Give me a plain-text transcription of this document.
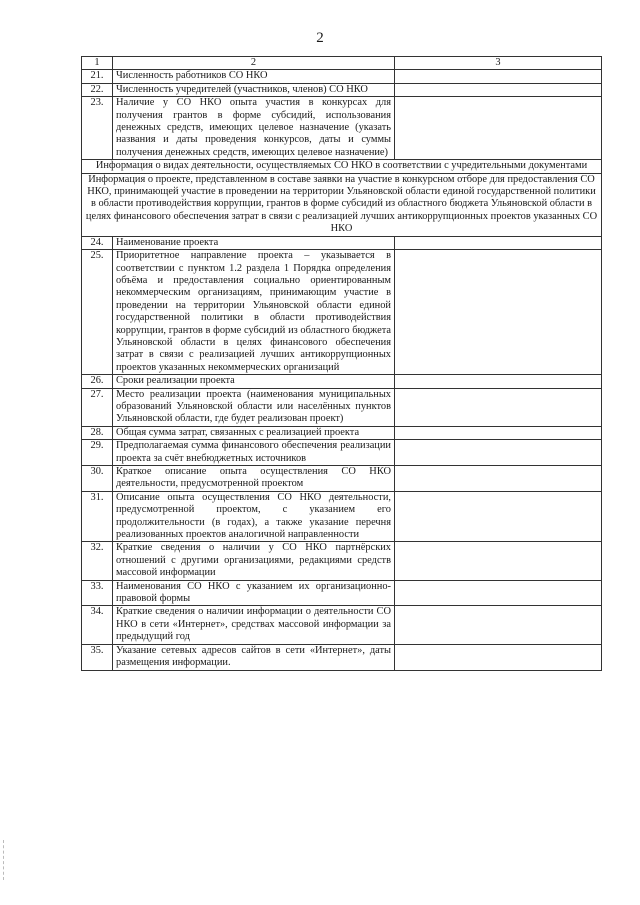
2
1	2	3
21.	Численность работников СО НКО	
22.	Численность учредителей (участников, членов) СО НКО	
23.	Наличие у СО НКО опыта участия в конкурсах для получения грантов в форме субсидий, использования денежных средств, имеющих целевое назначение (указать названия и даты проведения конкурсов, даты и суммы получения денежных средств, имеющих целевое назначение)	
Информация о видах деятельности, осуществляемых СО НКО в соответствии с учредительными документами		
Информация о проекте, представленном в составе заявки на участие в конкурсном отборе для предоставления СО НКО, принимающей участие в проведении на территории Ульяновской области единой государственной политики в области противодействия коррупции, грантов в форме субсидий из областного бюджета Ульяновской области в целях финансового обеспечения затрат в связи с реализацией лучших антикоррупционных проектов указанных СО НКО		
24.	Наименование проекта	
25.	Приоритетное направление проекта – указывается в соответствии с пунктом 1.2 раздела 1 Порядка определения объёма и предоставления социально ориентированным некоммерческим организациям, принимающим участие в проведении на территории Ульяновской области единой государственной политики в области противодействия коррупции, грантов в форме субсидий из областного бюджета Ульяновской области в целях финансового обеспечения затрат в связи с реализацией лучших антикоррупционных проектов указанных некоммерческих организаций	
26.	Сроки реализации проекта	
27.	Место реализации проекта (наименования муниципальных образований Ульяновской области или населённых пунктов Ульяновской области, где будет реализован проект)	
28.	Общая сумма затрат, связанных с реализацией проекта	
29.	Предполагаемая сумма финансового обеспечения реализации проекта за счёт внебюджетных источников	
30.	Краткое описание опыта осуществления СО НКО деятельности, предусмотренной проектом	
31.	Описание опыта осуществления СО НКО деятельности, предусмотренной проектом, с указанием его продолжительности (в годах), а также указание перечня реализованных проектов аналогичной направленности	
32.	Краткие сведения о наличии у СО НКО партнёрских отношений с другими организациями, редакциями средств массовой информации	
33.	Наименования СО НКО с указанием их организационно-правовой формы	
34.	Краткие сведения о наличии информации о деятельности СО НКО в сети «Интернет», средствах массовой информации за предыдущий год	
35.	Указание сетевых адресов сайтов в сети «Интернет», даты размещения информации.	
